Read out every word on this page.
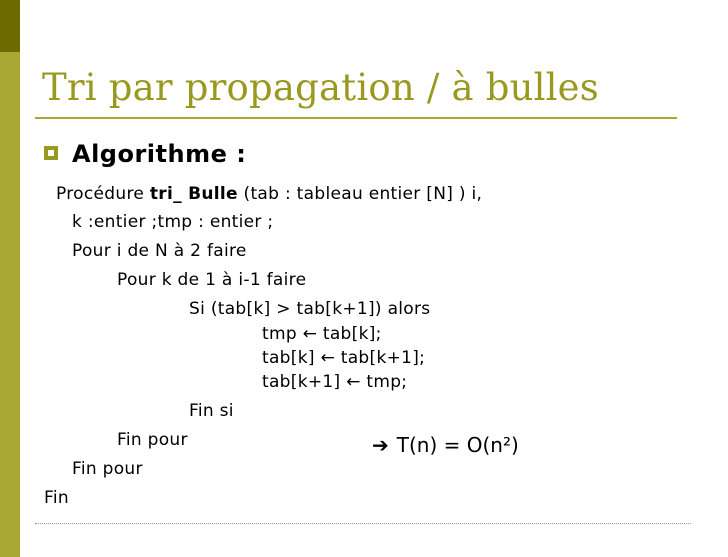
Tri par propagation / à bulles
Algorithme :
Procédure tri_ Bulle (tab : tableau entier [N] ) i,
k :entier ;tmp : entier ;
Pour i de N à 2 faire
Pour k de 1 à i-1 faire
Si (tab[k] > tab[k+1]) alors
tmp ← tab[k];
tab[k] ← tab[k+1];
tab[k+1] ← tmp;
Fin si
Fin pour
Fin pour
Fin
➔ T(n) = O(n²)
